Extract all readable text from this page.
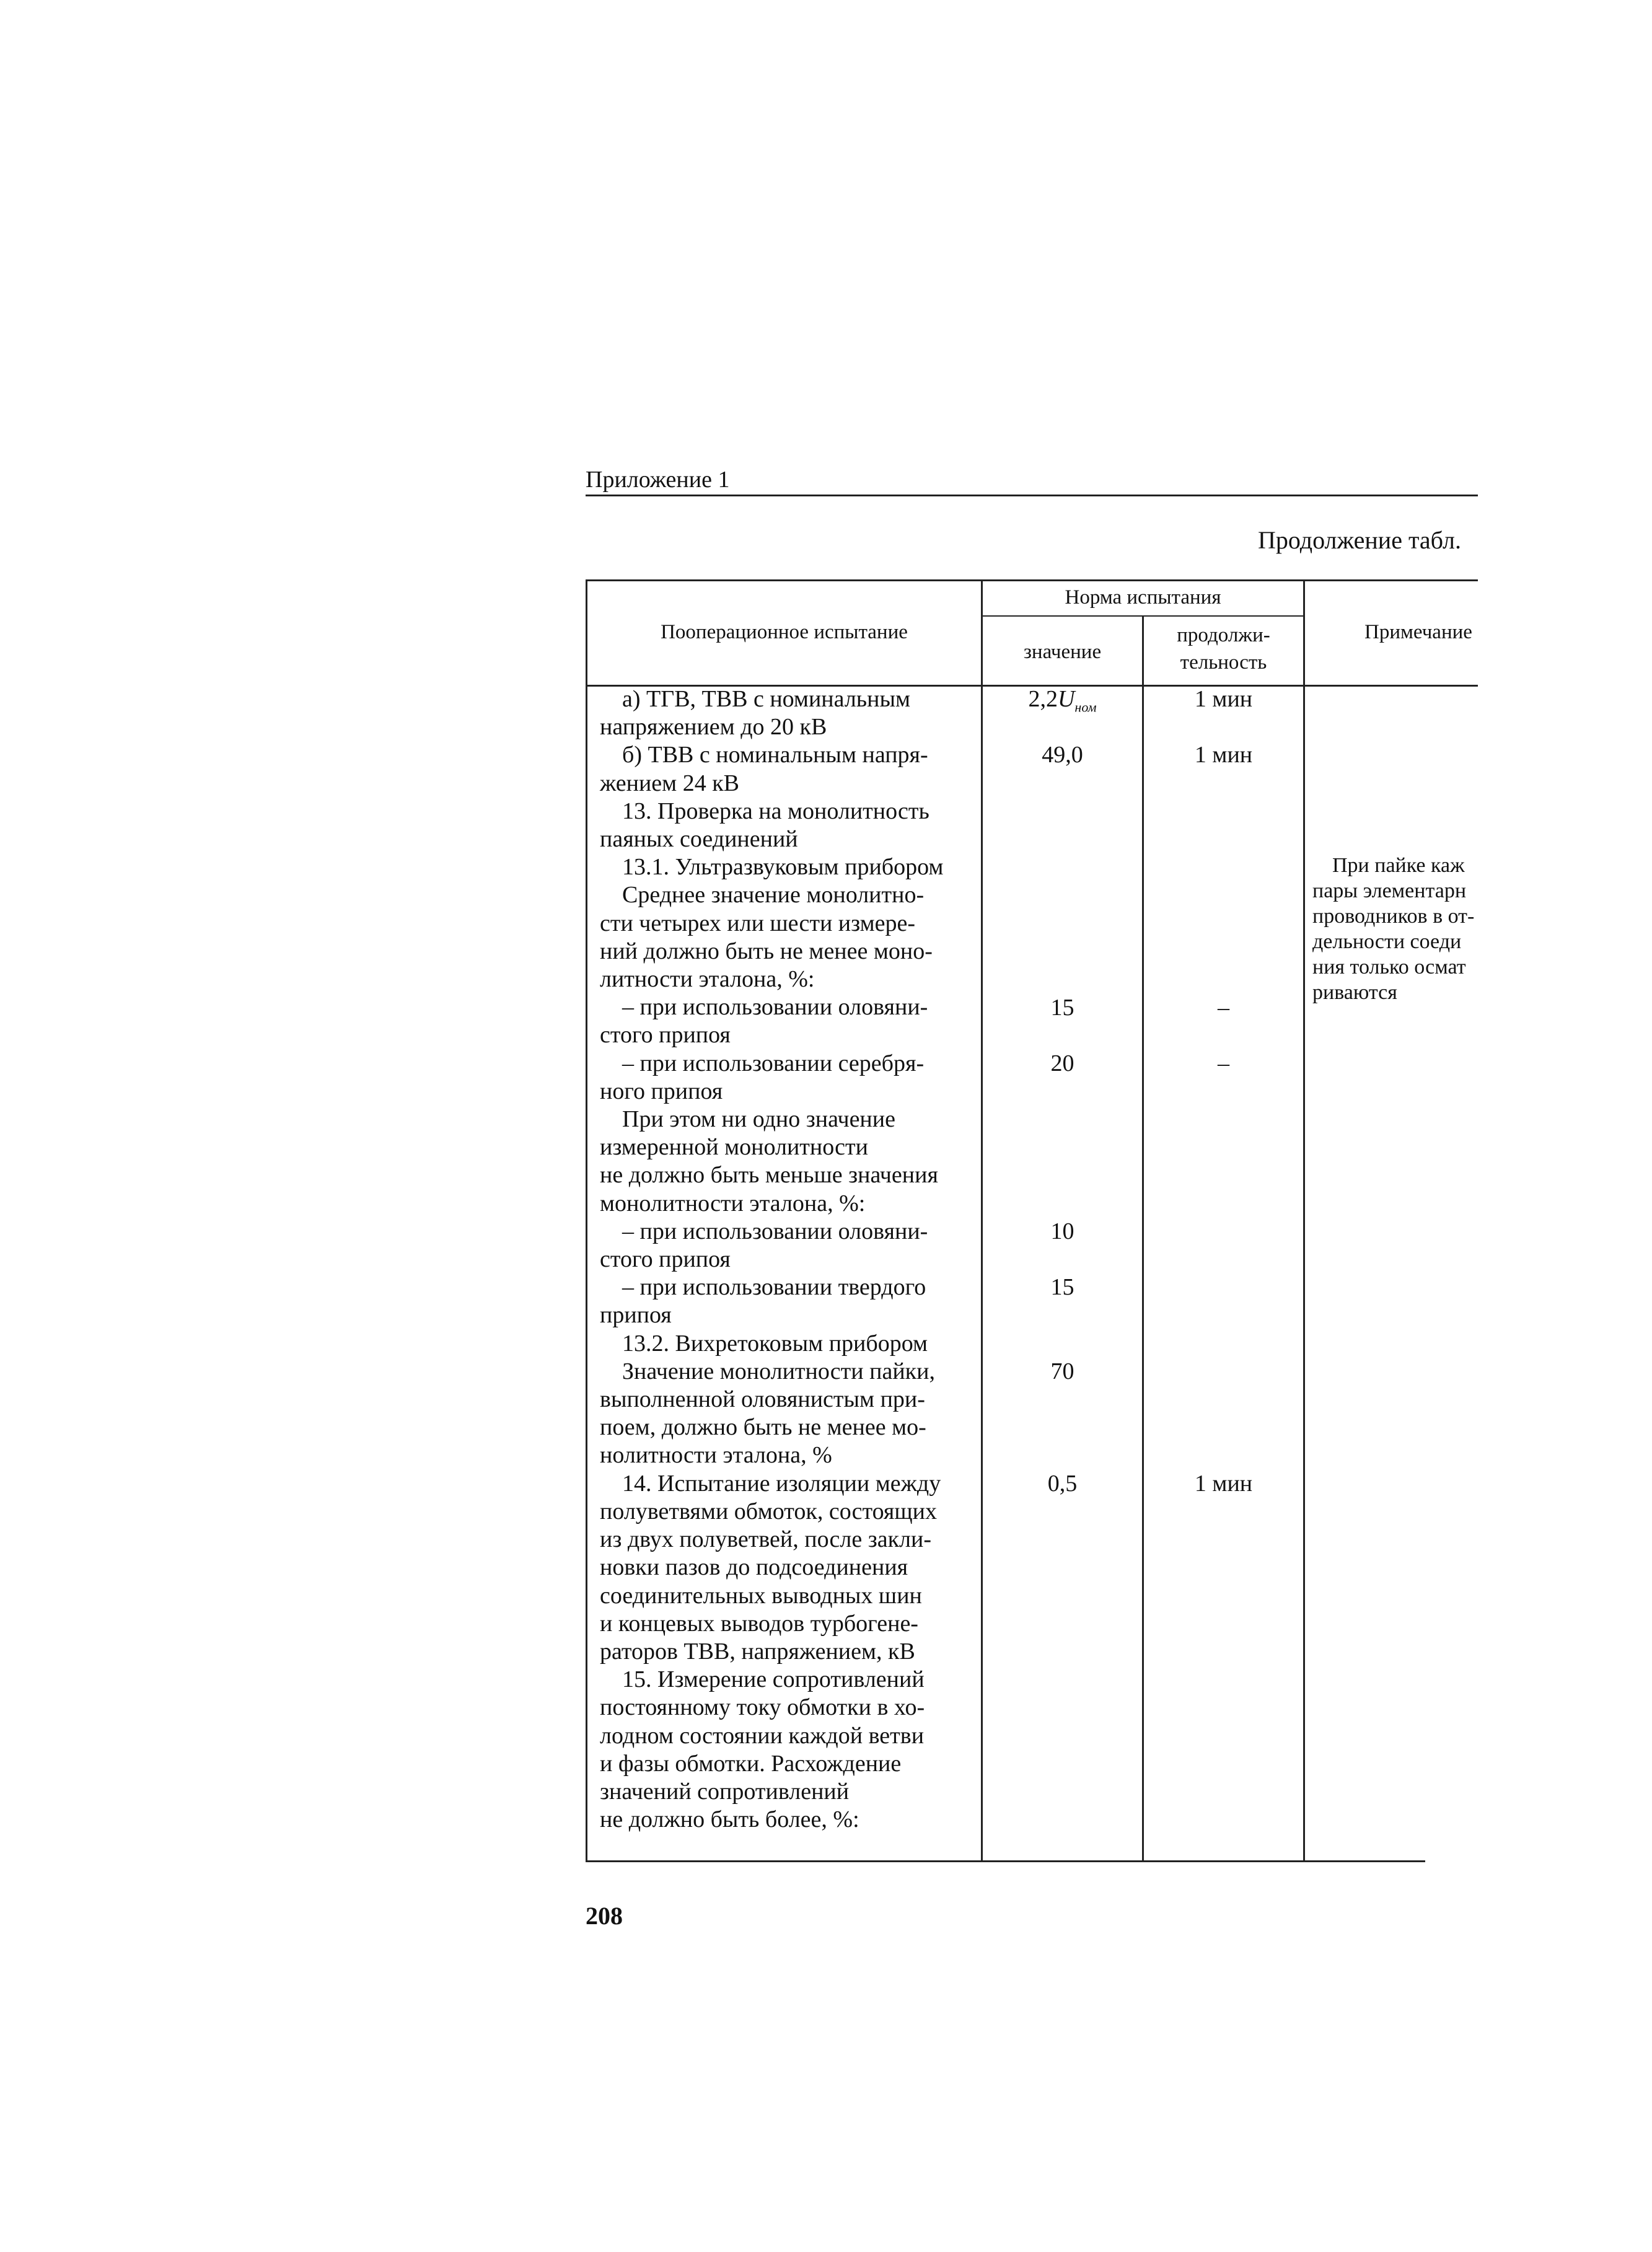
Приложение 1
Продолжение табл.
Пооперационное испытание
Норма испытания
значение
продолжи-
тельность
Примечание
а) ТГВ, ТВВ с номинальным
напряжением до 20 кВ
б) ТВВ с номинальным напря-
жением 24 кВ
13. Проверка на монолитность
паяных соединений
13.1. Ультразвуковым прибором
Среднее значение монолитно-
сти четырех или шести измере-
ний должно быть не менее моно-
литности эталона, %:
– при использовании оловяни-
стого припоя
– при использовании серебря-
ного припоя
При этом ни одно значение
измеренной монолитности
не должно быть меньше значения
монолитности эталона, %:
– при использовании оловяни-
стого припоя
– при использовании твердого
припоя
13.2. Вихретоковым прибором
Значение монолитности пайки,
выполненной оловянистым при-
поем, должно быть не менее мо-
нолитности эталона, %
14. Испытание изоляции между
полуветвями обмоток, состоящих
из двух полуветвей, после закли-
новки пазов до подсоединения
соединительных выводных шин
и концевых выводов турбогене-
раторов ТВВ, напряжением, кВ
15. Измерение сопротивлений
постоянному току обмотки в хо-
лодном состоянии каждой ветви
и фазы обмотки. Расхождение
значений сопротивлений
не должно быть более, %:
$2,2U_{ном}$
49,0
15
20
10
15
70
0,5
1 мин
1 мин
–
–
1 мин
При пайке каж
пары элементарн
проводников в от-
дельности соеди
ния только осмат
риваются
208
